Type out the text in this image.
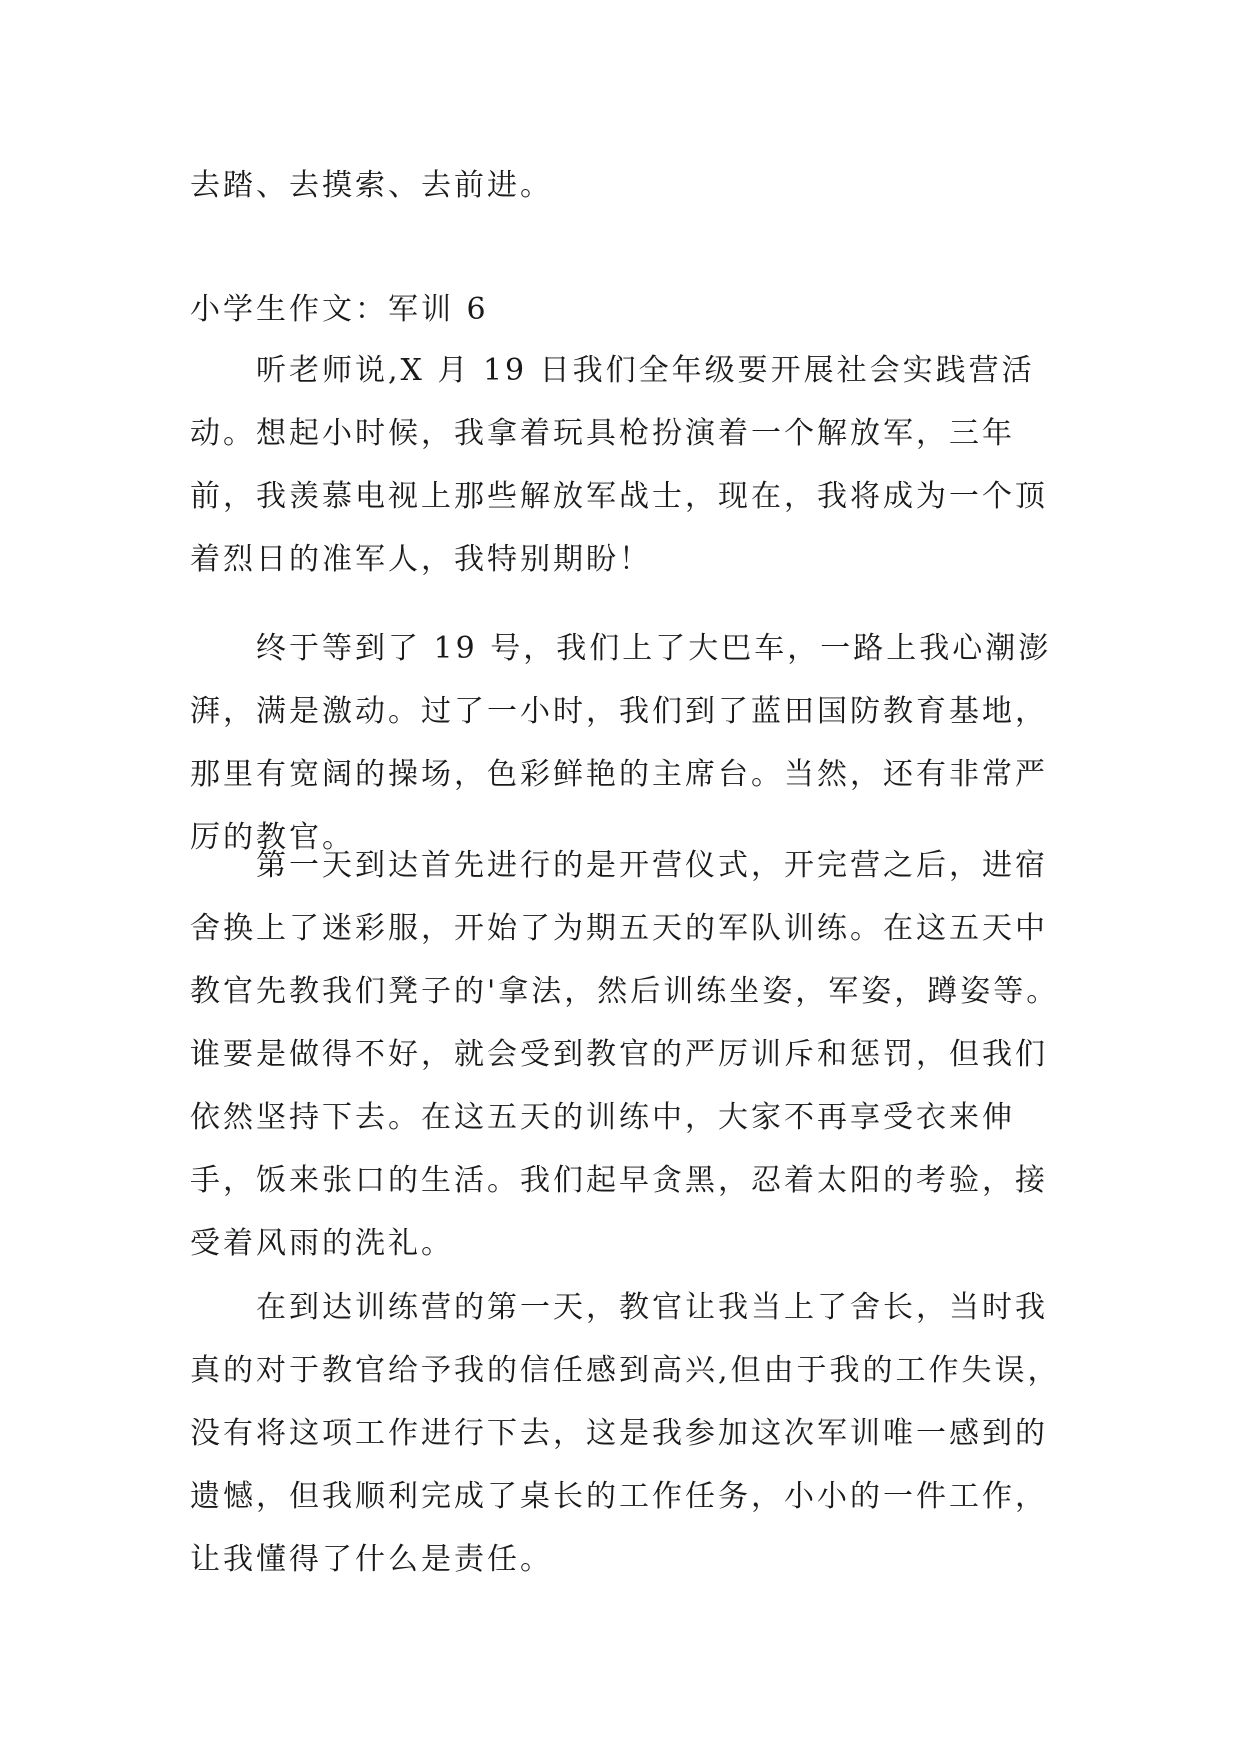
去踏、去摸索、去前进。

小学生作文：军训 6

听老师说,X 月 19 日我们全年级要开展社会实践营活动。想起小时候，我拿着玩具枪扮演着一个解放军，三年前，我羡慕电视上那些解放军战士，现在，我将成为一个顶着烈日的准军人，我特别期盼！

终于等到了 19 号，我们上了大巴车，一路上我心潮澎湃，满是激动。过了一小时，我们到了蓝田国防教育基地，那里有宽阔的操场，色彩鲜艳的主席台。当然，还有非常严厉的教官。

第一天到达首先进行的是开营仪式，开完营之后，进宿舍换上了迷彩服，开始了为期五天的军队训练。在这五天中教官先教我们凳子的'拿法，然后训练坐姿，军姿，蹲姿等。谁要是做得不好，就会受到教官的严厉训斥和惩罚，但我们依然坚持下去。在这五天的训练中，大家不再享受衣来伸手，饭来张口的生活。我们起早贪黑，忍着太阳的考验，接受着风雨的洗礼。

在到达训练营的第一天，教官让我当上了舍长，当时我真的对于教官给予我的信任感到高兴,但由于我的工作失误，没有将这项工作进行下去，这是我参加这次军训唯一感到的遗憾，但我顺利完成了桌长的工作任务，小小的一件工作，让我懂得了什么是责任。
